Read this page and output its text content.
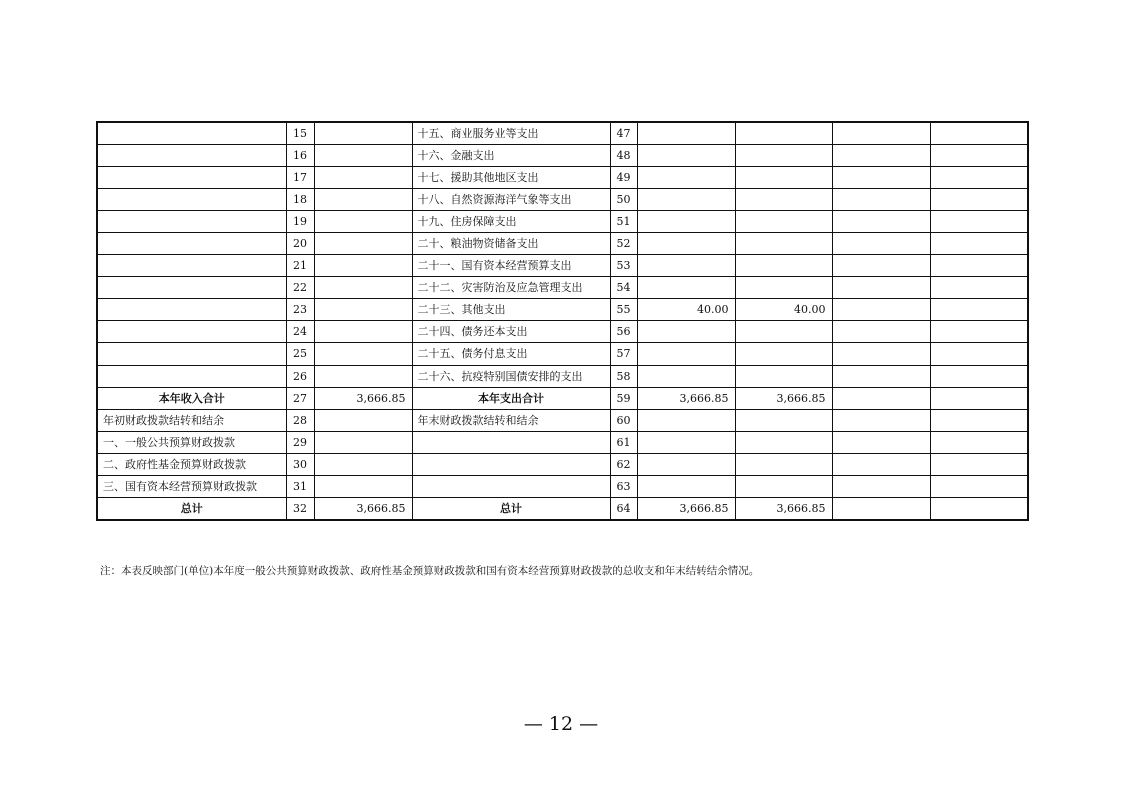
	15		十五、商业服务业等支出	47				
	16		十六、金融支出	48				
	17		十七、援助其他地区支出	49				
	18		十八、自然资源海洋气象等支出	50				
	19		十九、住房保障支出	51				
	20		二十、粮油物资储备支出	52				
	21		二十一、国有资本经营预算支出	53				
	22		二十二、灾害防治及应急管理支出	54				
	23		二十三、其他支出	55	40.00	40.00		
	24		二十四、债务还本支出	56				
	25		二十五、债务付息支出	57				
	26		二十六、抗疫特别国债安排的支出	58				
本年收入合计	27	3,666.85	本年支出合计	59	3,666.85	3,666.85		
年初财政拨款结转和结余	28		年末财政拨款结转和结余	60				
一、一般公共预算财政拨款	29			61				
二、政府性基金预算财政拨款	30			62				
三、国有资本经营预算财政拨款	31			63				
总计	32	3,666.85	总计	64	3,666.85	3,666.85		
注：本表反映部门(单位)本年度一般公共预算财政拨款、政府性基金预算财政拨款和国有资本经营预算财政拨款的总收支和年末结转结余情况。
— 12 —
